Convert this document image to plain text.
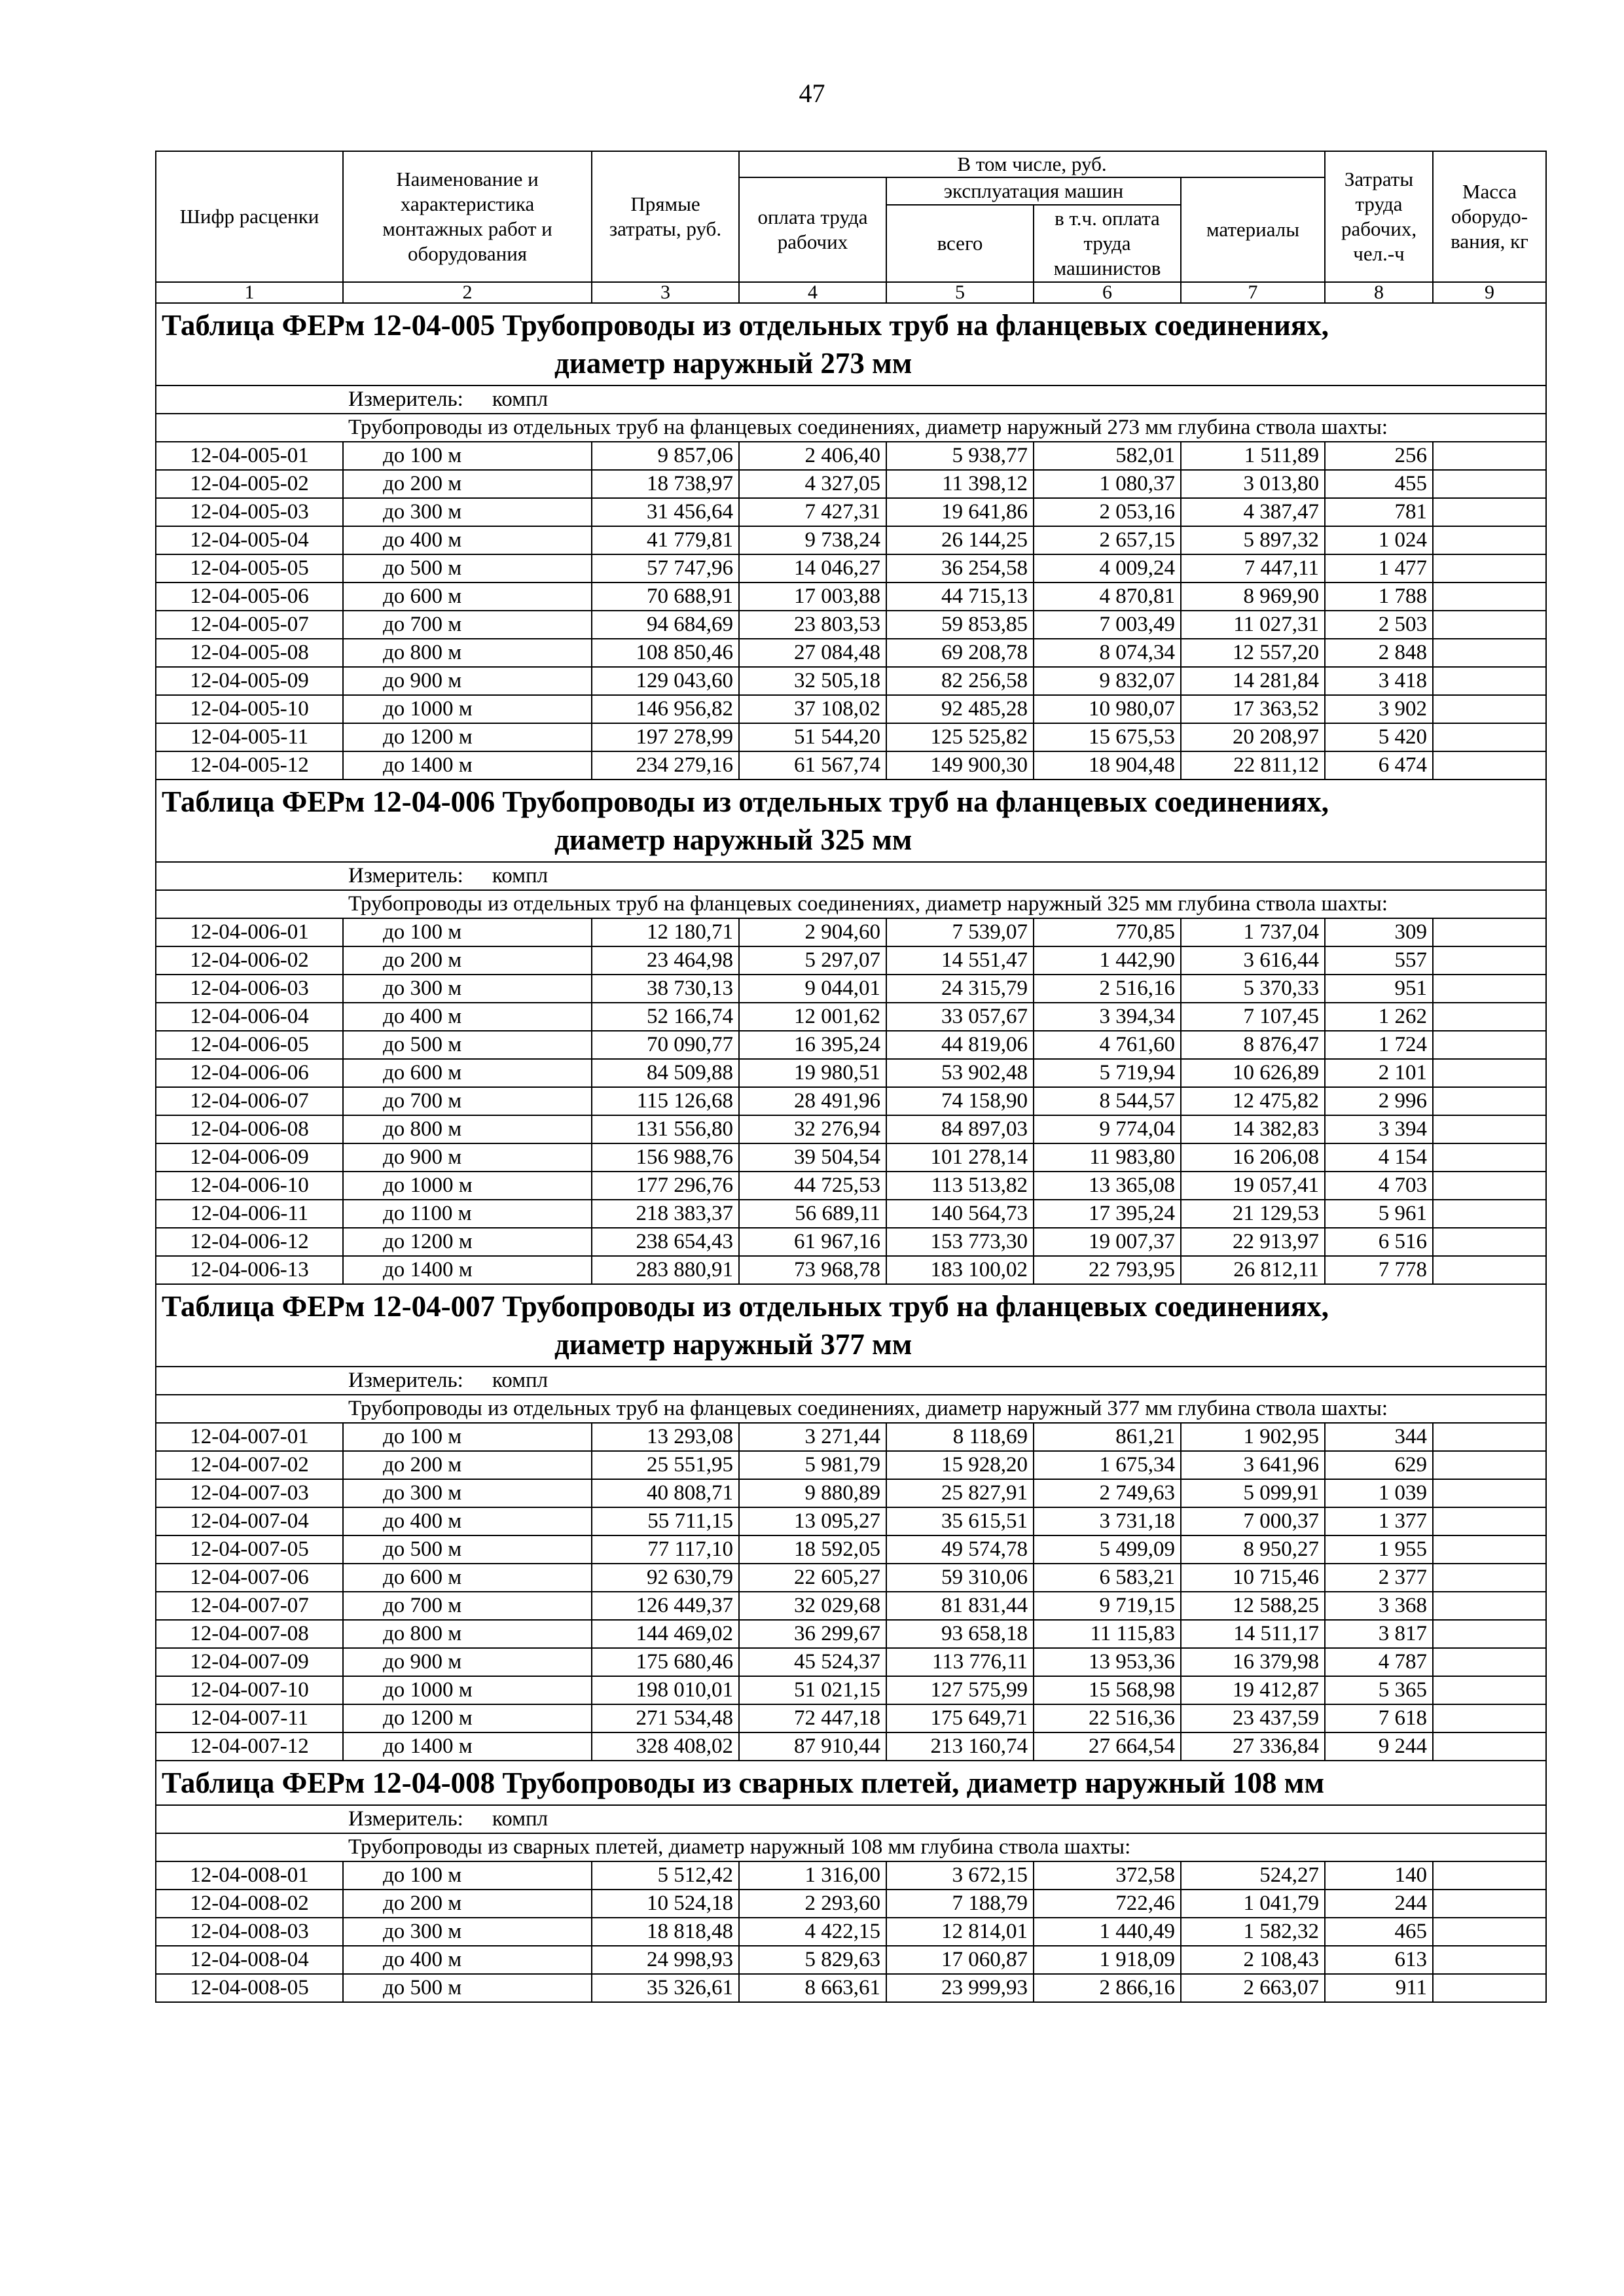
47
Шифр расценки	Наименование и характеристика монтажных работ и оборудования	Прямые затраты, руб.	В том числе, руб.				Затраты труда рабочих, чел.-ч	Масса оборудо-вания, кг
			оплата труда рабочих	эксплуатация машин		материалы		
				всего	в т.ч. оплата труда машинистов			
1	2	3	4	5	6	7	8	9

Таблица ФЕРм 12-04-005 Трубопроводы из отдельных труб на фланцевых соединениях,
диаметр наружный 273 мм								

	Измеритель: компл							
	Трубопроводы из отдельных труб на фланцевых соединениях, диаметр наружный 273 мм глубина ствола шахты:							
12-04-005-01	до 100 м	9 857,06	2 406,40	5 938,77	582,01	1 511,89	256	
12-04-005-02	до 200 м	18 738,97	4 327,05	11 398,12	1 080,37	3 013,80	455	
12-04-005-03	до 300 м	31 456,64	7 427,31	19 641,86	2 053,16	4 387,47	781	
12-04-005-04	до 400 м	41 779,81	9 738,24	26 144,25	2 657,15	5 897,32	1 024	
12-04-005-05	до 500 м	57 747,96	14 046,27	36 254,58	4 009,24	7 447,11	1 477	
12-04-005-06	до 600 м	70 688,91	17 003,88	44 715,13	4 870,81	8 969,90	1 788	
12-04-005-07	до 700 м	94 684,69	23 803,53	59 853,85	7 003,49	11 027,31	2 503	
12-04-005-08	до 800 м	108 850,46	27 084,48	69 208,78	8 074,34	12 557,20	2 848	
12-04-005-09	до 900 м	129 043,60	32 505,18	82 256,58	9 832,07	14 281,84	3 418	
12-04-005-10	до 1000 м	146 956,82	37 108,02	92 485,28	10 980,07	17 363,52	3 902	
12-04-005-11	до 1200 м	197 278,99	51 544,20	125 525,82	15 675,53	20 208,97	5 420	
12-04-005-12	до 1400 м	234 279,16	61 567,74	149 900,30	18 904,48	22 811,12	6 474	

Таблица ФЕРм 12-04-006 Трубопроводы из отдельных труб на фланцевых соединениях,
диаметр наружный 325 мм								

	Измеритель: компл							
	Трубопроводы из отдельных труб на фланцевых соединениях, диаметр наружный 325 мм глубина ствола шахты:							
12-04-006-01	до 100 м	12 180,71	2 904,60	7 539,07	770,85	1 737,04	309	
12-04-006-02	до 200 м	23 464,98	5 297,07	14 551,47	1 442,90	3 616,44	557	
12-04-006-03	до 300 м	38 730,13	9 044,01	24 315,79	2 516,16	5 370,33	951	
12-04-006-04	до 400 м	52 166,74	12 001,62	33 057,67	3 394,34	7 107,45	1 262	
12-04-006-05	до 500 м	70 090,77	16 395,24	44 819,06	4 761,60	8 876,47	1 724	
12-04-006-06	до 600 м	84 509,88	19 980,51	53 902,48	5 719,94	10 626,89	2 101	
12-04-006-07	до 700 м	115 126,68	28 491,96	74 158,90	8 544,57	12 475,82	2 996	
12-04-006-08	до 800 м	131 556,80	32 276,94	84 897,03	9 774,04	14 382,83	3 394	
12-04-006-09	до 900 м	156 988,76	39 504,54	101 278,14	11 983,80	16 206,08	4 154	
12-04-006-10	до 1000 м	177 296,76	44 725,53	113 513,82	13 365,08	19 057,41	4 703	
12-04-006-11	до 1100 м	218 383,37	56 689,11	140 564,73	17 395,24	21 129,53	5 961	
12-04-006-12	до 1200 м	238 654,43	61 967,16	153 773,30	19 007,37	22 913,97	6 516	
12-04-006-13	до 1400 м	283 880,91	73 968,78	183 100,02	22 793,95	26 812,11	7 778	

Таблица ФЕРм 12-04-007 Трубопроводы из отдельных труб на фланцевых соединениях,
диаметр наружный 377 мм								

	Измеритель: компл							
	Трубопроводы из отдельных труб на фланцевых соединениях, диаметр наружный 377 мм глубина ствола шахты:							
12-04-007-01	до 100 м	13 293,08	3 271,44	8 118,69	861,21	1 902,95	344	
12-04-007-02	до 200 м	25 551,95	5 981,79	15 928,20	1 675,34	3 641,96	629	
12-04-007-03	до 300 м	40 808,71	9 880,89	25 827,91	2 749,63	5 099,91	1 039	
12-04-007-04	до 400 м	55 711,15	13 095,27	35 615,51	3 731,18	7 000,37	1 377	
12-04-007-05	до 500 м	77 117,10	18 592,05	49 574,78	5 499,09	8 950,27	1 955	
12-04-007-06	до 600 м	92 630,79	22 605,27	59 310,06	6 583,21	10 715,46	2 377	
12-04-007-07	до 700 м	126 449,37	32 029,68	81 831,44	9 719,15	12 588,25	3 368	
12-04-007-08	до 800 м	144 469,02	36 299,67	93 658,18	11 115,83	14 511,17	3 817	
12-04-007-09	до 900 м	175 680,46	45 524,37	113 776,11	13 953,36	16 379,98	4 787	
12-04-007-10	до 1000 м	198 010,01	51 021,15	127 575,99	15 568,98	19 412,87	5 365	
12-04-007-11	до 1200 м	271 534,48	72 447,18	175 649,71	22 516,36	23 437,59	7 618	
12-04-007-12	до 1400 м	328 408,02	87 910,44	213 160,74	27 664,54	27 336,84	9 244	

Таблица ФЕРм 12-04-008 Трубопроводы из сварных плетей, диаметр наружный 108 мм								

	Измеритель: компл							
	Трубопроводы из сварных плетей, диаметр наружный 108 мм глубина ствола шахты:							
12-04-008-01	до 100 м	5 512,42	1 316,00	3 672,15	372,58	524,27	140	
12-04-008-02	до 200 м	10 524,18	2 293,60	7 188,79	722,46	1 041,79	244	
12-04-008-03	до 300 м	18 818,48	4 422,15	12 814,01	1 440,49	1 582,32	465	
12-04-008-04	до 400 м	24 998,93	5 829,63	17 060,87	1 918,09	2 108,43	613	
12-04-008-05	до 500 м	35 326,61	8 663,61	23 999,93	2 866,16	2 663,07	911	
